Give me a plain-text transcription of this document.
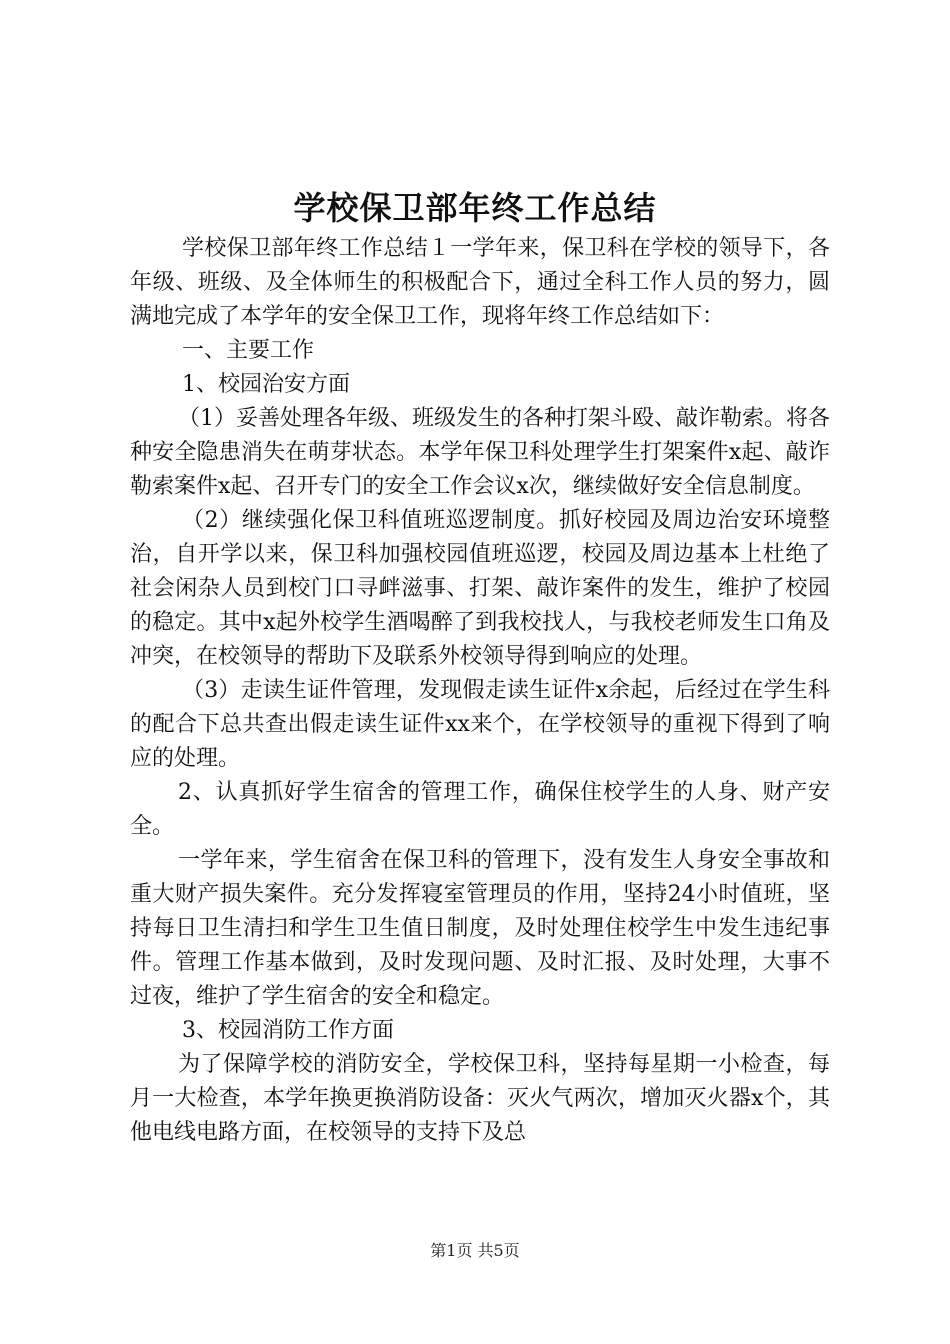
学校保卫部年终工作总结

学校保卫部年终工作总结１一学年来，保卫科在学校的领导下，各年级、班级、及全体师生的积极配合下，通过全科工作人员的努力，圆满地完成了本学年的安全保卫工作，现将年终工作总结如下：

一、主要工作

1、校园治安方面

（1）妥善处理各年级、班级发生的各种打架斗殴、敲诈勒索。将各种安全隐患消失在萌芽状态。本学年保卫科处理学生打架案件x起、敲诈勒索案件x起、召开专门的安全工作会议x次，继续做好安全信息制度。

（2）继续强化保卫科值班巡逻制度。抓好校园及周边治安环境整治，自开学以来，保卫科加强校园值班巡逻，校园及周边基本上杜绝了社会闲杂人员到校门口寻衅滋事、打架、敲诈案件的发生，维护了校园的稳定。其中x起外校学生酒喝醉了到我校找人，与我校老师发生口角及冲突，在校领导的帮助下及联系外校领导得到响应的处理。

（3）走读生证件管理，发现假走读生证件x余起，后经过在学生科的配合下总共查出假走读生证件xx来个，在学校领导的重视下得到了响应的处理。

2、认真抓好学生宿舍的管理工作，确保住校学生的人身、财产安全。

一学年来，学生宿舍在保卫科的管理下，没有发生人身安全事故和重大财产损失案件。充分发挥寝室管理员的作用，坚持24小时值班，坚持每日卫生清扫和学生卫生值日制度，及时处理住校学生中发生违纪事件。管理工作基本做到，及时发现问题、及时汇报、及时处理，大事不过夜，维护了学生宿舍的安全和稳定。

3、校园消防工作方面

为了保障学校的消防安全，学校保卫科，坚持每星期一小检查，每月一大检查，本学年换更换消防设备：灭火气两次，增加灭火器x个，其他电线电路方面，在校领导的支持下及总

第1页 共5页
